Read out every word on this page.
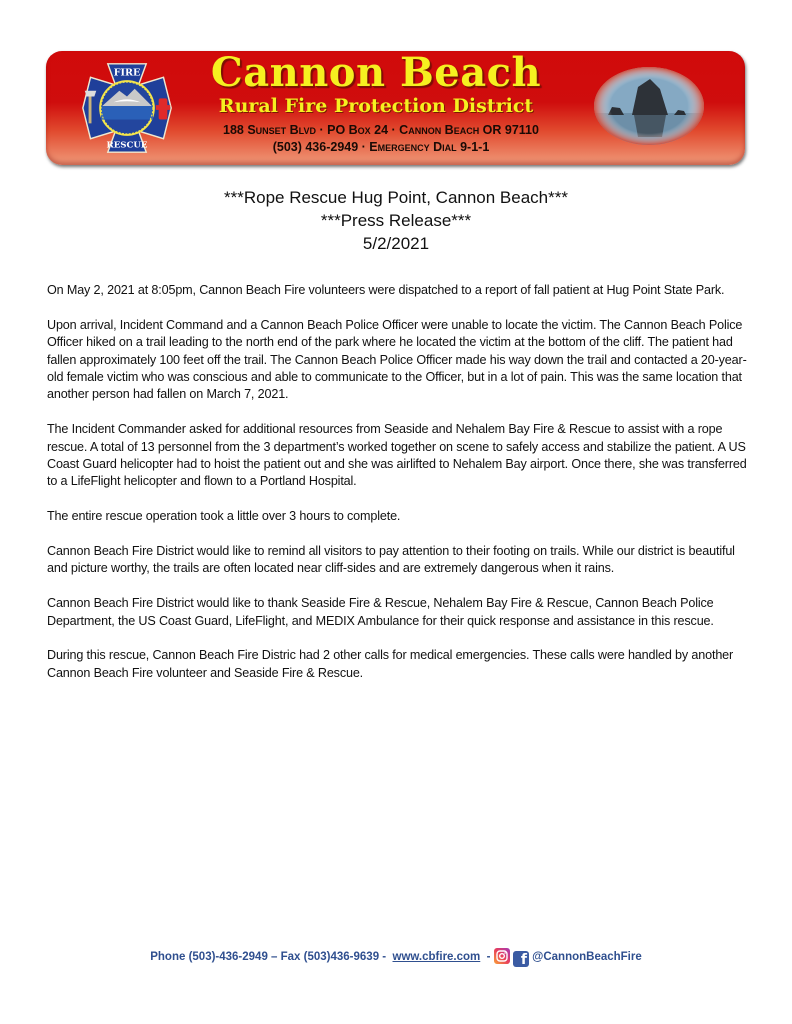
FIRE
RESCUE
Cannon Beach
Rural Fire Protection District
188 Sunset Blvd · PO Box 24 · Cannon Beach OR 97110
(503) 436-2949 · Emergency Dial 9-1-1
***Rope Rescue Hug Point, Cannon Beach***
***Press Release***
5/2/2021

On May 2, 2021 at 8:05pm, Cannon Beach Fire volunteers were dispatched to a report of fall patient at Hug Point State Park.

Upon arrival, Incident Command and a Cannon Beach Police Officer were unable to locate the victim. The Cannon Beach Police Officer hiked on a trail leading to the north end of the park where he located the victim at the bottom of the cliff. The patient had fallen approximately 100 feet off the trail. The Cannon Beach Police Officer made his way down the trail and contacted a 20-year-old female victim who was conscious and able to communicate to the Officer, but in a lot of pain. This was the same location that another person had fallen on March 7, 2021.

The Incident Commander asked for additional resources from Seaside and Nehalem Bay Fire & Rescue to assist with a rope rescue. A total of 13 personnel from the 3 department’s worked together on scene to safely access and stabilize the patient. A US Coast Guard helicopter had to hoist the patient out and she was airlifted to Nehalem Bay airport. Once there, she was transferred to a LifeFlight helicopter and flown to a Portland Hospital.

The entire rescue operation took a little over 3 hours to complete.

Cannon Beach Fire District would like to remind all visitors to pay attention to their footing on trails. While our district is beautiful and picture worthy, the trails are often located near cliff-sides and are extremely dangerous when it rains.

Cannon Beach Fire District would like to thank Seaside Fire & Rescue, Nehalem Bay Fire & Rescue, Cannon Beach Police Department, the US Coast Guard, LifeFlight, and MEDIX Ambulance for their quick response and assistance in this rescue.

During this rescue, Cannon Beach Fire Distric had 2 other calls for medical emergencies. These calls were handled by another Cannon Beach Fire volunteer and Seaside Fire & Rescue.

Phone (503)-436-2949 – Fax (503)436-9639 - www.cbfire.com - f @CannonBeachFire
